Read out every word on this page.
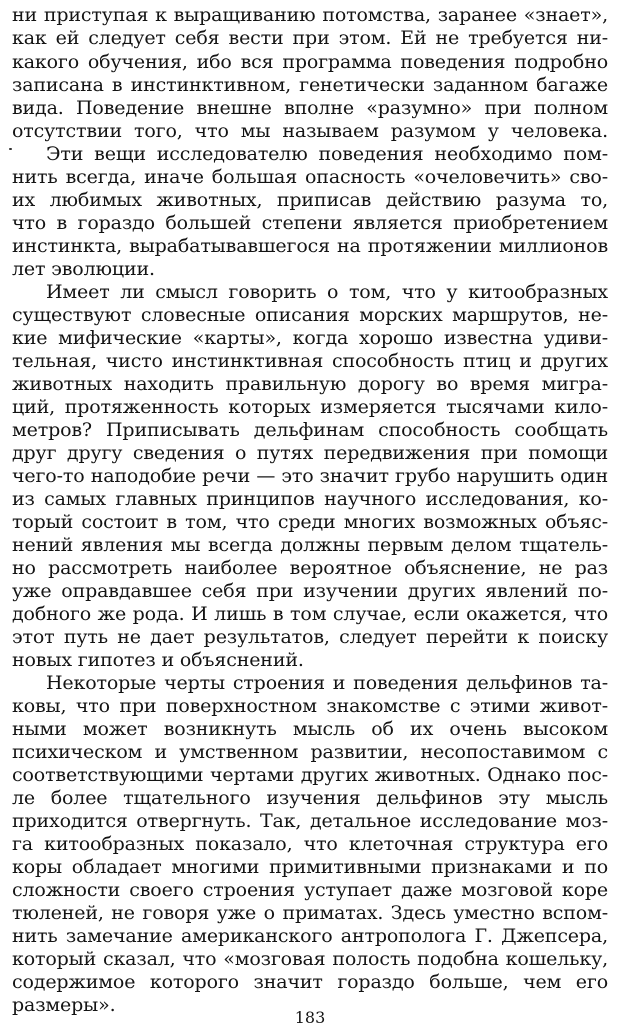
ни приступая к выращиванию потомства, заранее «знает»,
как ей следует себя вести при этом. Ей не требуется ни-
какого обучения, ибо вся программа поведения подробно
записана в инстинктивном, генетически заданном багаже
вида. Поведение внешне вполне «разумно» при полном
отсутствии того, что мы называем разумом у человека.
Эти вещи исследователю поведения необходимо пом-
нить всегда, иначе большая опасность «очеловечить» сво-
их любимых животных, приписав действию разума то,
что в гораздо большей степени является приобретением
инстинкта, вырабатывавшегося на протяжении миллионов
лет эволюции.
Имеет ли смысл говорить о том, что у китообразных
существуют словесные описания морских маршрутов, не-
кие мифические «карты», когда хорошо известна удиви-
тельная, чисто инстинктивная способность птиц и других
животных находить правильную дорогу во время мигра-
ций, протяженность которых измеряется тысячами кило-
метров? Приписывать дельфинам способность сообщать
друг другу сведения о путях передвижения при помощи
чего-то наподобие речи — это значит грубо нарушить один
из самых главных принципов научного исследования, ко-
торый состоит в том, что среди многих возможных объяс-
нений явления мы всегда должны первым делом тщатель-
но рассмотреть наиболее вероятное объяснение, не раз
уже оправдавшее себя при изучении других явлений по-
добного же рода. И лишь в том случае, если окажется, что
этот путь не дает результатов, следует перейти к поиску
новых гипотез и объяснений.
Некоторые черты строения и поведения дельфинов та-
ковы, что при поверхностном знакомстве с этими живот-
ными может возникнуть мысль об их очень высоком
психическом и умственном развитии, несопоставимом с
соответствующими чертами других животных. Однако пос-
ле более тщательного изучения дельфинов эту мысль
приходится отвергнуть. Так, детальное исследование моз-
га китообразных показало, что клеточная структура его
коры обладает многими примитивными признаками и по
сложности своего строения уступает даже мозговой коре
тюленей, не говоря уже о приматах. Здесь уместно вспом-
нить замечание американского антрополога Г. Джепсера,
который сказал, что «мозговая полость подобна кошельку,
содержимое которого значит гораздо больше, чем его
размеры».
183
